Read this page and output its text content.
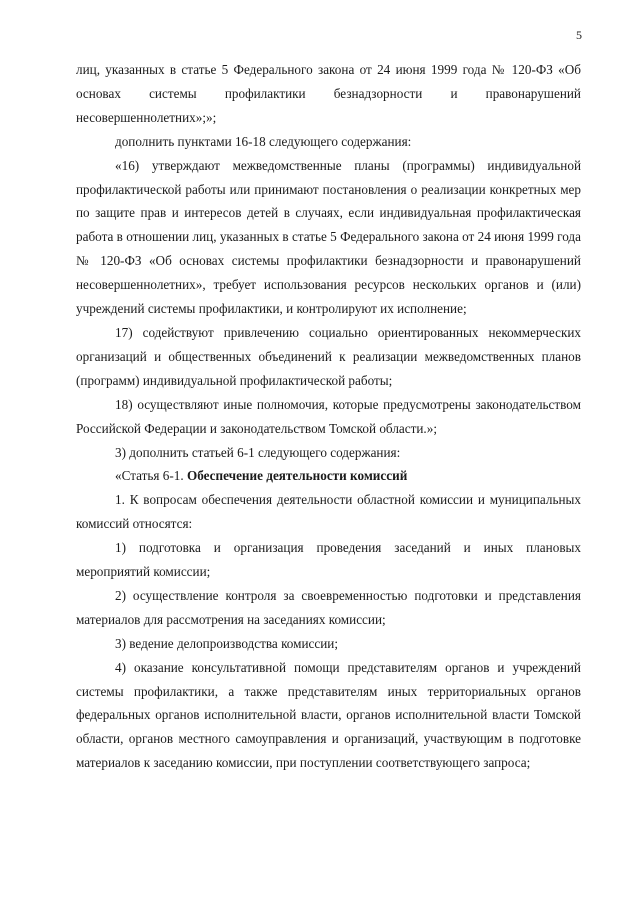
5

лиц, указанных в статье 5 Федерального закона от 24 июня 1999 года № 120-ФЗ «Об основах системы профилактики безнадзорности и правонарушений несовершеннолетних»;»;

дополнить пунктами 16-18 следующего содержания:

«16) утверждают межведомственные планы (программы) индивидуальной профилактической работы или принимают постановления о реализации конкретных мер по защите прав и интересов детей в случаях, если индивидуальная профилактическая работа в отношении лиц, указанных в статье 5 Федерального закона от 24 июня 1999 года № 120-ФЗ «Об основах системы профилактики безнадзорности и правонарушений несовершеннолетних», требует использования ресурсов нескольких органов и (или) учреждений системы профилактики, и контролируют их исполнение;

17) содействуют привлечению социально ориентированных некоммерческих организаций и общественных объединений к реализации межведомственных планов (программ) индивидуальной профилактической работы;

18) осуществляют иные полномочия, которые предусмотрены законодательством Российской Федерации и законодательством Томской области.»;

3) дополнить статьей 6-1 следующего содержания:

«Статья 6-1. Обеспечение деятельности комиссий

1. К вопросам обеспечения деятельности областной комиссии и муниципальных комиссий относятся:

1) подготовка и организация проведения заседаний и иных плановых мероприятий комиссии;

2) осуществление контроля за своевременностью подготовки и представления материалов для рассмотрения на заседаниях комиссии;

3) ведение делопроизводства комиссии;

4) оказание консультативной помощи представителям органов и учреждений системы профилактики, а также представителям иных территориальных органов федеральных органов исполнительной власти, органов исполнительной власти Томской области, органов местного самоуправления и организаций, участвующим в подготовке материалов к заседанию комиссии, при поступлении соответствующего запроса;
